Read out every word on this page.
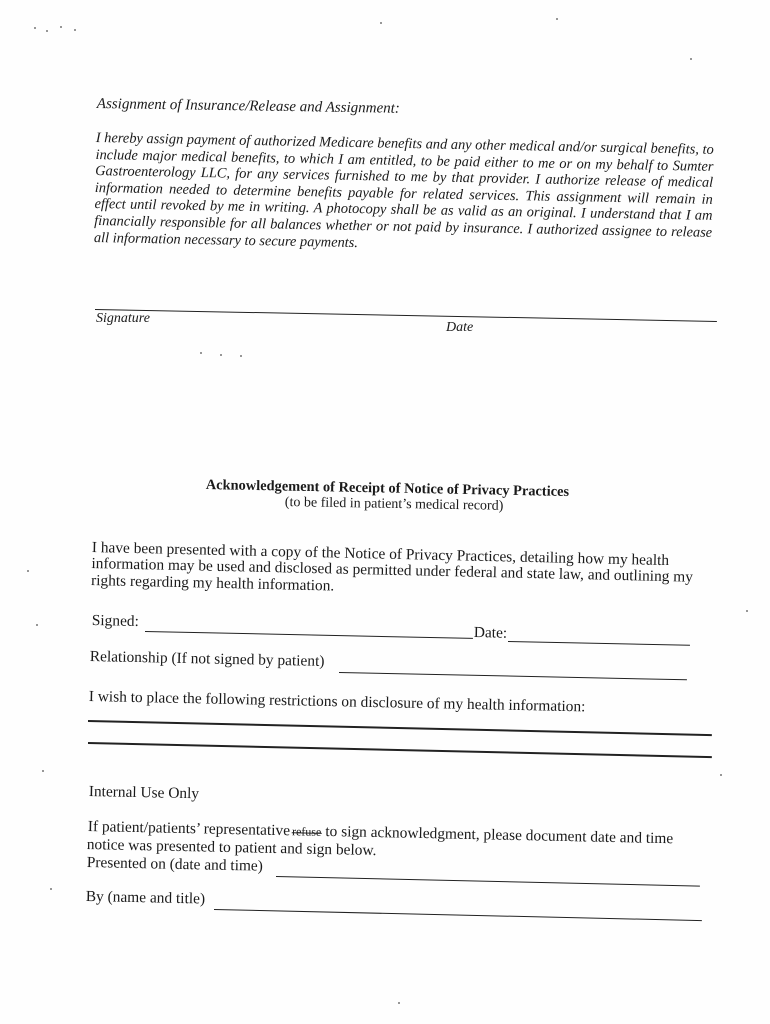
Assignment of Insurance/Release and Assignment:
I hereby assign payment of authorized Medicare benefits and any other medical and/or surgical benefits, to include major medical benefits, to which I am entitled, to be paid either to me or on my behalf to Sumter Gastroenterology LLC, for any services furnished to me by that provider. I authorize release of medical information needed to determine benefits payable for related services. This assignment will remain in effect until revoked by me in writing. A photocopy shall be as valid as an original. I understand that I am financially responsible for all balances whether or not paid by insurance. I authorized assignee to release all information necessary to secure payments.
Signature
Date
Acknowledgement of Receipt of Notice of Privacy Practices
(to be filed in patient’s medical record)
I have been presented with a copy of the Notice of Privacy Practices, detailing how my health information may be used and disclosed as permitted under federal and state law, and outlining my rights regarding my health information.
Signed:
Date:
Relationship (If not signed by patient)
I wish to place the following restrictions on disclosure of my health information:
Internal Use Only
If patient/patients’ representative refuse to sign acknowledgment, please document date and time
notice was presented to patient and sign below.
Presented on (date and time)
By (name and title)
